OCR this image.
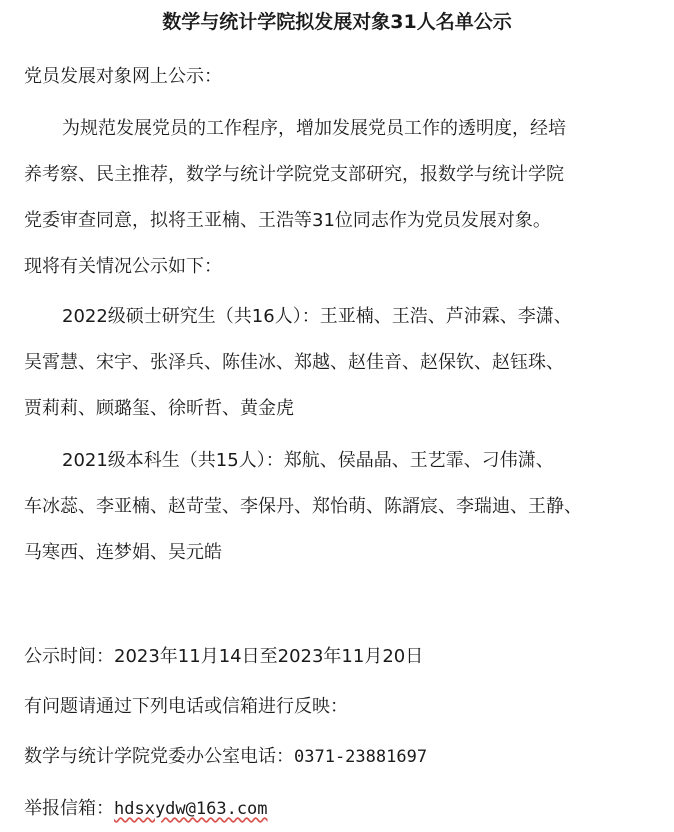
数学与统计学院拟发展对象31人名单公示
党员发展对象网上公示：
为规范发展党员的工作程序，增加发展党员工作的透明度，经培
养考察、民主推荐，数学与统计学院党支部研究，报数学与统计学院
党委审查同意，拟将王亚楠、王浩等31位同志作为党员发展对象。
现将有关情况公示如下：
2022级硕士研究生（共16人）：王亚楠、王浩、芦沛霖、李潇、
吴霄慧、宋宇、张泽兵、陈佳冰、郑越、赵佳音、赵保钦、赵钰珠、
贾莉莉、顾璐玺、徐昕哲、黄金虎
2021级本科生（共15人）：郑航、侯晶晶、王艺霏、刁伟潇、
车冰蕊、李亚楠、赵苛莹、李保丹、郑怡萌、陈諝宸、李瑞迪、王静、
马寒西、连梦娟、吴元皓
公示时间：2023年11月14日至2023年11月20日
有问题请通过下列电话或信箱进行反映：
数学与统计学院党委办公室电话：0371-23881697
举报信箱：hdsxydw@163.com
